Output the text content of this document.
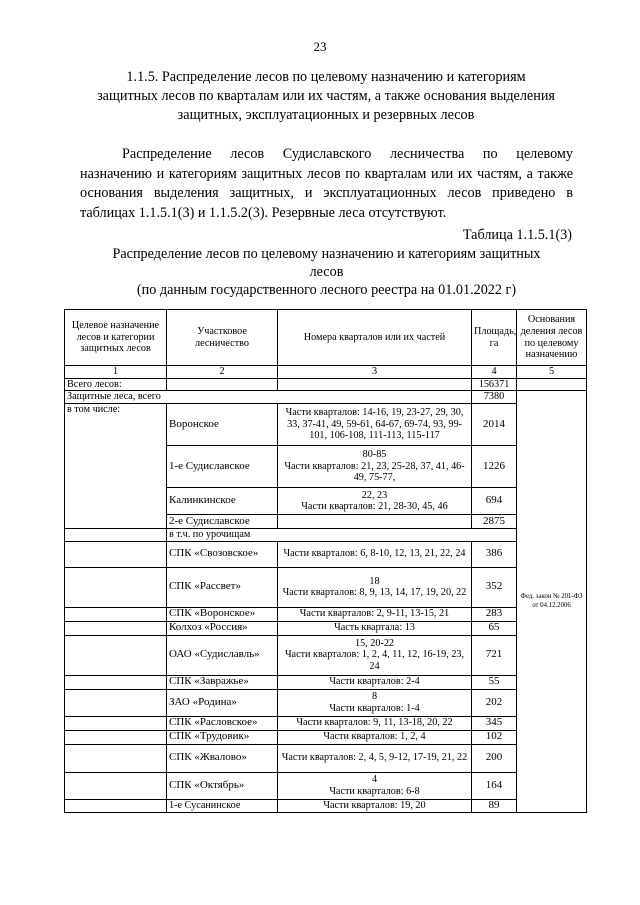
23
1.1.5. Распределение лесов по целевому назначению и категориям
защитных лесов по кварталам или их частям, а также основания выделения
защитных, эксплуатационных и резервных лесов
Распределение лесов Судиславского лесничества по целевому назначению и категориям защитных лесов по кварталам или их частям, а также основания выделения защитных, и эксплуатационных лесов приведено в таблицах 1.1.5.1(3) и 1.1.5.2(3). Резервные леса отсутствуют.
Таблица 1.1.5.1(3)
Распределение лесов по целевому назначению и категориям защитных
лесов
(по данным государственного лесного реестра на 01.01.2022 г)
Целевое назначение лесов и категории защитных лесов	Участковое лесничество	Номера кварталов или их частей	Площадь, га	Основания деления лесов по целевому назначению
1	2	3	4	5
Всего лесов:			156371	
Защитные леса, всего			7380	Фед. закон № 201-ФЗ от 04.12.2006
в том числе:	Воронское	Части кварталов: 14-16, 19, 23-27, 29, 30, 33, 37-41, 49, 59-61, 64-67, 69-74, 93, 99-101, 106-108, 111-113, 115-117	2014	
	1-е Судиславское	80-85
Части кварталов: 21, 23, 25-28, 37, 41, 46-49, 75-77,	1226	
	Калинкинское	22, 23
Части кварталов: 21, 28-30, 45, 46	694	
	2-е Судиславское		2875	
	в т.ч. по урочищам			
	СПК «Свозовское»	Части кварталов: 6, 8-10, 12, 13, 21, 22, 24	386	
	СПК «Рассвет»	18
Части кварталов: 8, 9, 13, 14, 17, 19, 20, 22	352	
	СПК «Воронское»	Части кварталов: 2, 9-11, 13-15, 21	283	
	Колхоз «Россия»	Часть квартала: 13	65	
	ОАО «Судиславль»	15, 20-22
Части кварталов: 1, 2, 4, 11, 12, 16-19, 23, 24	721	
	СПК «Завражье»	Части кварталов: 2-4	55	
	ЗАО «Родина»	8
Части кварталов: 1-4	202	
	СПК «Расловское»	Части кварталов: 9, 11, 13-18, 20, 22	345	
	СПК «Трудовик»	Части кварталов: 1, 2, 4	102	
	СПК «Жвалово»	Части кварталов: 2, 4, 5, 9-12, 17-19, 21, 22	200	
	СПК «Октябрь»	4
Части кварталов: 6-8	164	
	1-е Сусанинское	Части кварталов: 19, 20	89	
